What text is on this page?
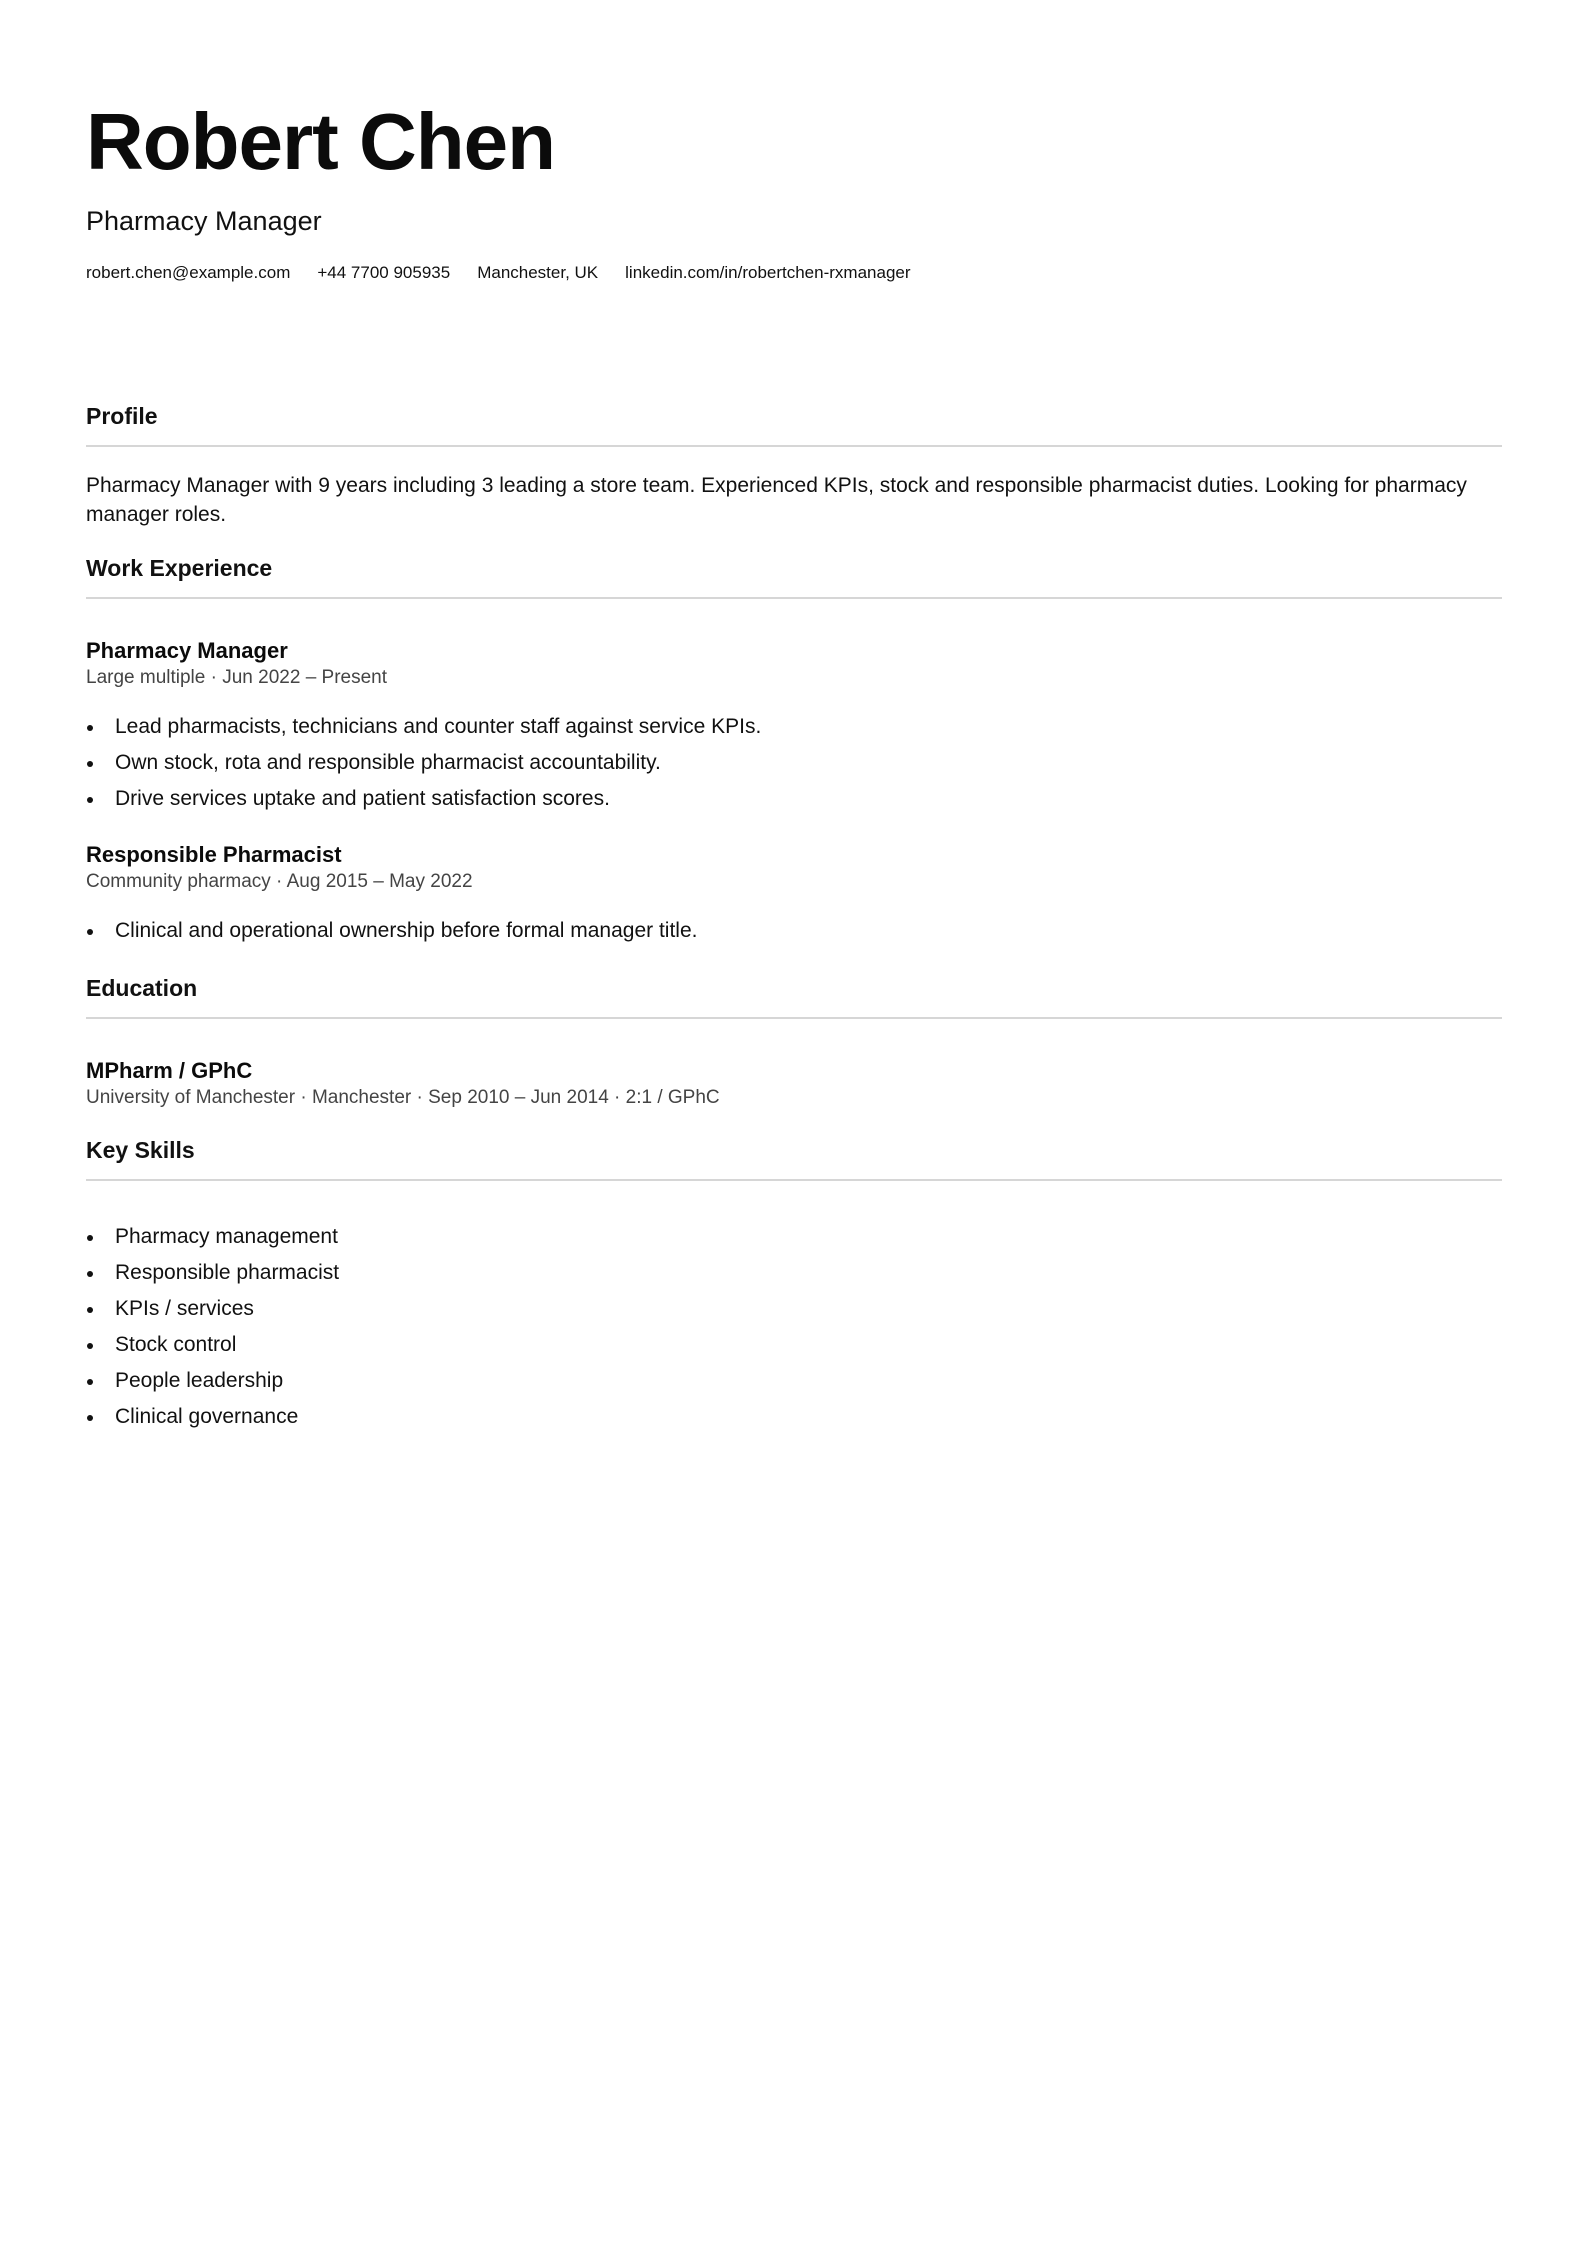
Robert Chen
Pharmacy Manager
robert.chen@example.com +44 7700 905935 Manchester, UK linkedin.com/in/robertchen-rxmanager
Profile

Pharmacy Manager with 9 years including 3 leading a store team. Experienced KPIs, stock and responsible pharmacist duties. Looking for pharmacy manager roles.

Work Experience
Pharmacy Manager
Large multiple · Jun 2022 – Present
Lead pharmacists, technicians and counter staff against service KPIs.
Own stock, rota and responsible pharmacist accountability.
Drive services uptake and patient satisfaction scores.
Responsible Pharmacist
Community pharmacy · Aug 2015 – May 2022
Clinical and operational ownership before formal manager title.
Education
MPharm / GPhC
University of Manchester · Manchester · Sep 2010 – Jun 2014 · 2:1 / GPhC
Key Skills
Pharmacy management
Responsible pharmacist
KPIs / services
Stock control
People leadership
Clinical governance
